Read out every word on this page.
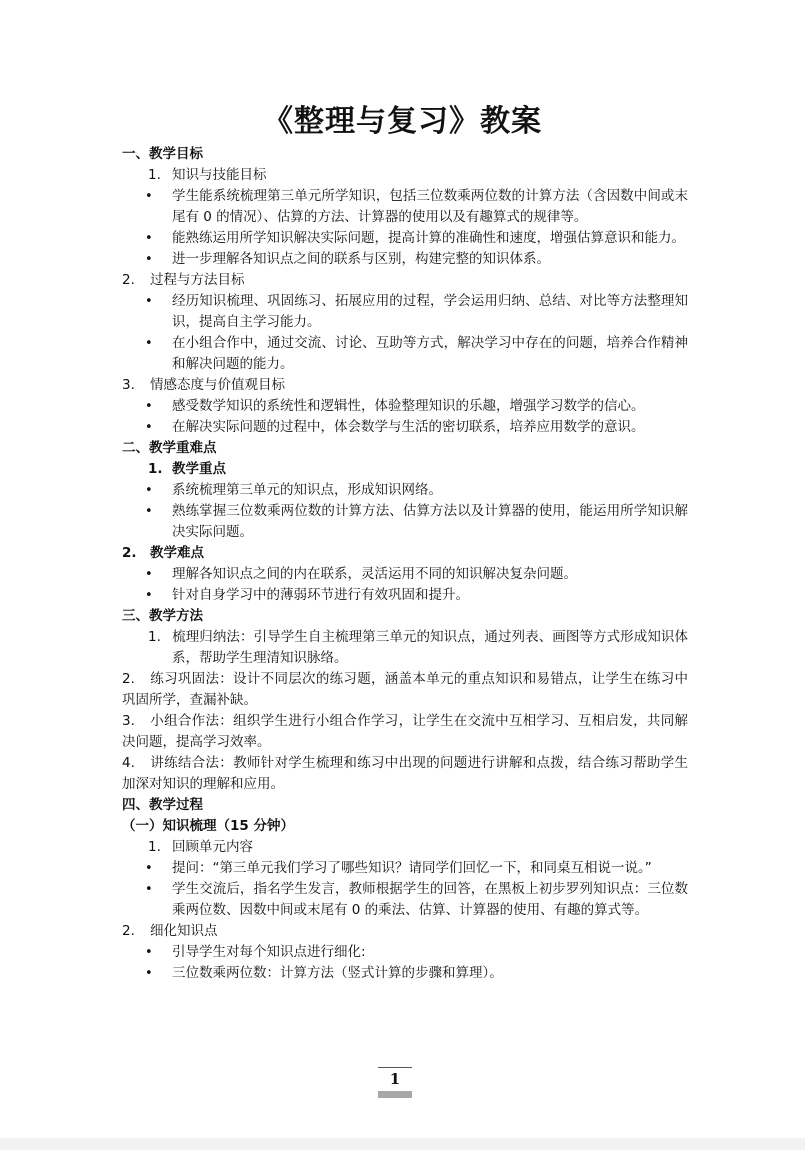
《整理与复习》教案
一、教学目标
1. 知识与技能目标
• 学生能系统梳理第三单元所学知识，包括三位数乘两位数的计算方法（含因数中间或末尾有 0 的情况）、估算的方法、计算器的使用以及有趣算式的规律等。
• 能熟练运用所学知识解决实际问题，提高计算的准确性和速度，增强估算意识和能力。
• 进一步理解各知识点之间的联系与区别，构建完整的知识体系。
2. 过程与方法目标
• 经历知识梳理、巩固练习、拓展应用的过程，学会运用归纳、总结、对比等方法整理知识，提高自主学习能力。
• 在小组合作中，通过交流、讨论、互助等方式，解决学习中存在的问题，培养合作精神和解决问题的能力。
3. 情感态度与价值观目标
• 感受数学知识的系统性和逻辑性，体验整理知识的乐趣，增强学习数学的信心。
• 在解决实际问题的过程中，体会数学与生活的密切联系，培养应用数学的意识。
二、教学重难点
1. 教学重点
• 系统梳理第三单元的知识点，形成知识网络。
• 熟练掌握三位数乘两位数的计算方法、估算方法以及计算器的使用，能运用所学知识解决实际问题。
2. 教学难点
• 理解各知识点之间的内在联系，灵活运用不同的知识解决复杂问题。
• 针对自身学习中的薄弱环节进行有效巩固和提升。
三、教学方法
1. 梳理归纳法：引导学生自主梳理第三单元的知识点，通过列表、画图等方式形成知识体系，帮助学生理清知识脉络。
2. 练习巩固法：设计不同层次的练习题，涵盖本单元的重点知识和易错点，让学生在练习中巩固所学，查漏补缺。
3. 小组合作法：组织学生进行小组合作学习，让学生在交流中互相学习、互相启发，共同解决问题，提高学习效率。
4. 讲练结合法：教师针对学生梳理和练习中出现的问题进行讲解和点拨，结合练习帮助学生加深对知识的理解和应用。
四、教学过程
（一）知识梳理（15 分钟）
1. 回顾单元内容
• 提问：“第三单元我们学习了哪些知识？请同学们回忆一下，和同桌互相说一说。”
• 学生交流后，指名学生发言，教师根据学生的回答，在黑板上初步罗列知识点：三位数乘两位数、因数中间或末尾有 0 的乘法、估算、计算器的使用、有趣的算式等。
2. 细化知识点
• 引导学生对每个知识点进行细化:
• 三位数乘两位数：计算方法（竖式计算的步骤和算理）。
1
